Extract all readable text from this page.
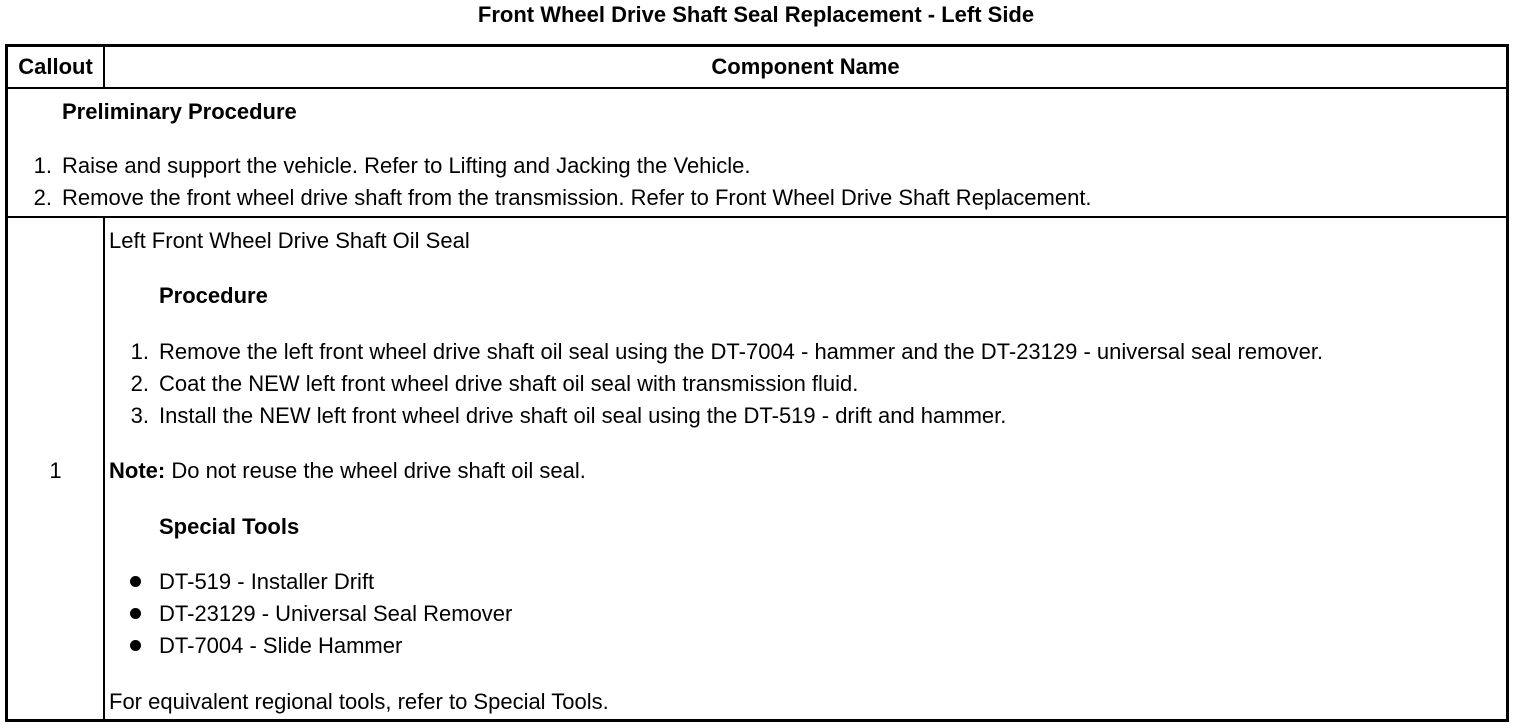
Front Wheel Drive Shaft Seal Replacement - Left Side
Callout	Component Name
Preliminary Procedure
1. Raise and support the vehicle. Refer to Lifting and Jacking the Vehicle.
2. Remove the front wheel drive shaft from the transmission. Refer to Front Wheel Drive Shaft Replacement.
1
Left Front Wheel Drive Shaft Oil Seal
Procedure
1. Remove the left front wheel drive shaft oil seal using the DT-7004 - hammer and the DT-23129 - universal seal remover.
2. Coat the NEW left front wheel drive shaft oil seal with transmission fluid.
3. Install the NEW left front wheel drive shaft oil seal using the DT-519 - drift and hammer.
Note: Do not reuse the wheel drive shaft oil seal.
Special Tools
DT-519 - Installer Drift
DT-23129 - Universal Seal Remover
DT-7004 - Slide Hammer
For equivalent regional tools, refer to Special Tools.
